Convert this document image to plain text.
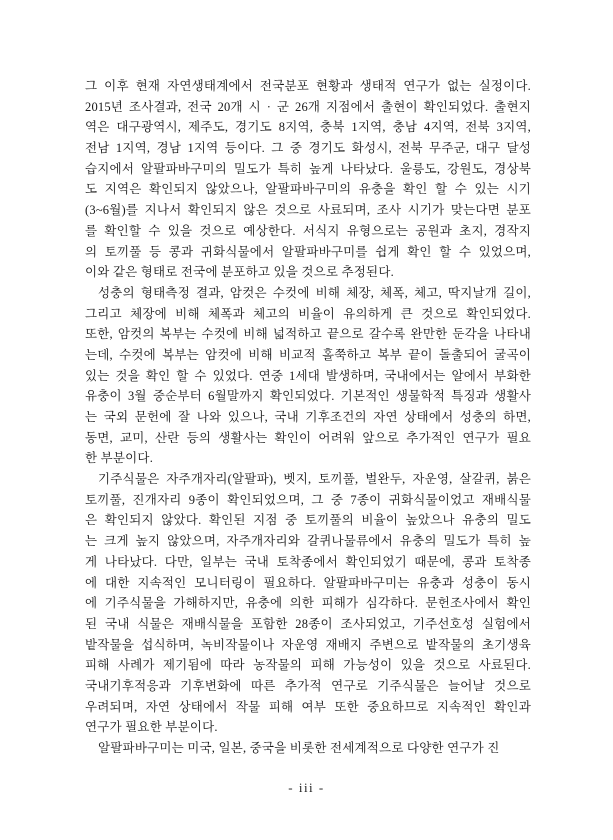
그 이후 현재 자연생태계에서 전국분포 현황과 생태적 연구가 없는 실정이다.
2015년 조사결과, 전국 20개 시 · 군 26개 지점에서 출현이 확인되었다. 출현지
역은 대구광역시, 제주도, 경기도 8지역, 충북 1지역, 충남 4지역, 전북 3지역,
전남 1지역, 경남 1지역 등이다. 그 중 경기도 화성시, 전북 무주군, 대구 달성
습지에서 알팔파바구미의 밀도가 특히 높게 나타났다. 울릉도, 강원도, 경상북
도 지역은 확인되지 않았으나, 알팔파바구미의 유충을 확인 할 수 있는 시기
(3~6월)를 지나서 확인되지 않은 것으로 사료되며, 조사 시기가 맞는다면 분포
를 확인할 수 있을 것으로 예상한다. 서식지 유형으로는 공원과 초지, 경작지
의 토끼풀 등 콩과 귀화식물에서 알팔파바구미를 쉽게 확인 할 수 있었으며,
이와 같은 형태로 전국에 분포하고 있을 것으로 추정된다.
성충의 형태측정 결과, 암컷은 수컷에 비해 체장, 체폭, 체고, 딱지날개 길이,
그리고 체장에 비해 체폭과 체고의 비율이 유의하게 큰 것으로 확인되었다.
또한, 암컷의 복부는 수컷에 비해 넓적하고 끝으로 갈수록 완만한 둔각을 나타내
는데, 수컷에 복부는 암컷에 비해 비교적 홀쭉하고 복부 끝이 돌출되어 굴곡이
있는 것을 확인 할 수 있었다. 연중 1세대 발생하며, 국내에서는 알에서 부화한
유충이 3월 중순부터 6월말까지 확인되었다. 기본적인 생물학적 특징과 생활사
는 국외 문헌에 잘 나와 있으나, 국내 기후조건의 자연 상태에서 성충의 하면,
동면, 교미, 산란 등의 생활사는 확인이 어려워 앞으로 추가적인 연구가 필요
한 부분이다.
기주식물은 자주개자리(알팔파), 벳지, 토끼풀, 벌완두, 자운영, 살갈퀴, 붉은
토끼풀, 진개자리 9종이 확인되었으며, 그 중 7종이 귀화식물이었고 재배식물
은 확인되지 않았다. 확인된 지점 중 토끼풀의 비율이 높았으나 유충의 밀도
는 크게 높지 않았으며, 자주개자리와 갈퀴나물류에서 유충의 밀도가 특히 높
게 나타났다. 다만, 일부는 국내 토착종에서 확인되었기 때문에, 콩과 토착종
에 대한 지속적인 모니터링이 필요하다. 알팔파바구미는 유충과 성충이 동시
에 기주식물을 가해하지만, 유충에 의한 피해가 심각하다. 문헌조사에서 확인
된 국내 식물은 재배식물을 포함한 28종이 조사되었고, 기주선호성 실험에서
밭작물을 섭식하며, 녹비작물이나 자운영 재배지 주변으로 밭작물의 초기생육
피해 사례가 제기됨에 따라 농작물의 피해 가능성이 있을 것으로 사료된다.
국내기후적응과 기후변화에 따른 추가적 연구로 기주식물은 늘어날 것으로
우려되며, 자연 상태에서 작물 피해 여부 또한 중요하므로 지속적인 확인과
연구가 필요한 부분이다.
알팔파바구미는 미국, 일본, 중국을 비롯한 전세계적으로 다양한 연구가 진
- iii -
